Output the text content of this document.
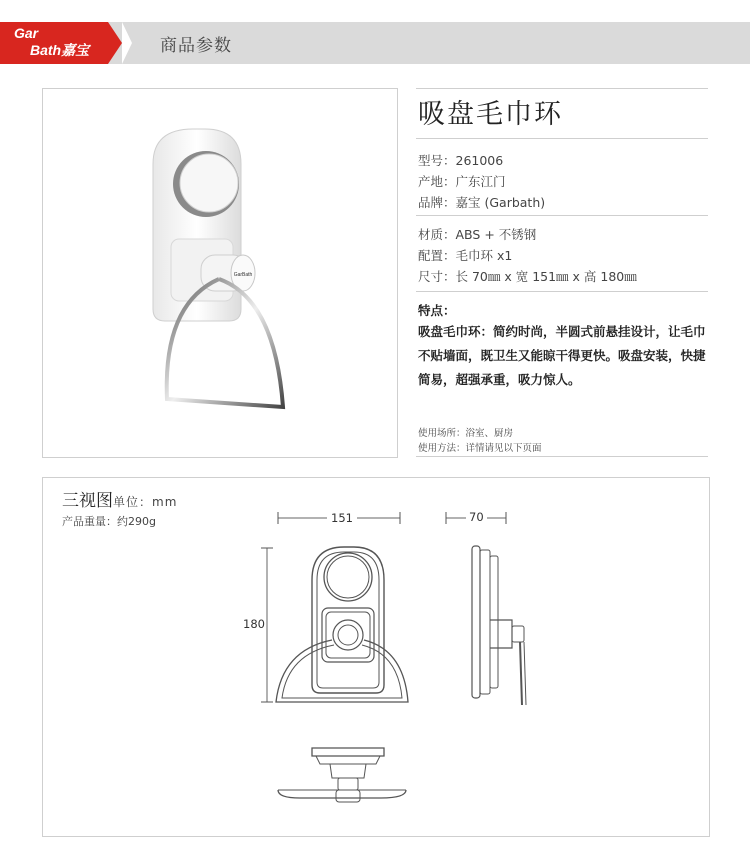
Gar
Bath嘉宝	商品参数
GarBath
吸盘毛巾环
型号：261006
产地：广东江门
品牌：嘉宝 (Garbath)
材质：ABS + 不锈钢
配置：毛巾环 x1
尺寸：长 70㎜ x 宽 151㎜ x 高 180㎜
特点：
吸盘毛巾环：简约时尚，半圆式前悬挂设计，让毛巾不贴墙面，既卫生又能晾干得更快。吸盘安装，快捷简易，超强承重，吸力惊人。
使用场所：浴室、厨房
使用方法：详情请见以下页面
三视图单位：mm
产品重量：约290g	151	70
180
